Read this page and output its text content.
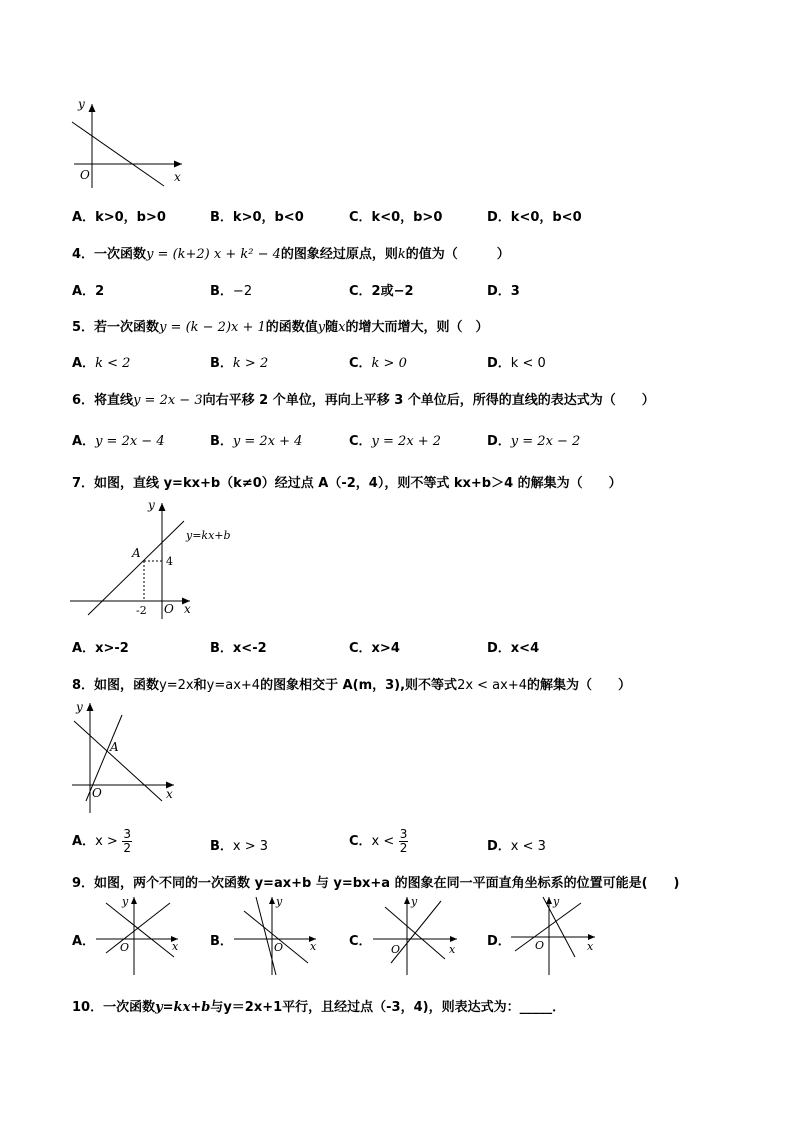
y
x
O
A．k>0，b>0	B．k>0，b<0	C．k<0，b>0	D．k<0，b<0
4．一次函数y = (k+2) x + k² − 4的图象经过原点，则k的值为（　　　）
A．2	B．−2	C．2或−2	D．3
5．若一次函数y = (k − 2)x + 1的函数值y随x的增大而增大，则（　）
A．k < 2	B．k > 2	C．k > 0	D．k < 0
6．将直线y = 2x − 3向右平移 2 个单位，再向上平移 3 个单位后，所得的直线的表达式为（　　）
A．y = 2x − 4	B．y = 2x + 4	C．y = 2x + 2	D．y = 2x − 2
7．如图，直线 y=kx+b（k≠0）经过点 A（-2，4），则不等式 kx+b＞4 的解集为（　　）
y=kx+b
y
x
O
A
4
-2
A．x>-2	B．x<-2	C．x>4	D．x<4
8．如图，函数y=2x和y=ax+4的图象相交于 A(m，3),则不等式2x < ax+4的解集为（　　）
y
x
O
A
A．$x > \frac{3}{2}$	B．x > 3	C．$x < \frac{3}{2}$	D．x < 3
9．如图，两个不同的一次函数 y=ax+b 与 y=bx+a 的图象在同一平面直角坐标系的位置可能是(　　)
A．
y
x
O	B．
y
x
O	C．
y
x
O
D．
y
x
O
10．一次函数y=kx+b与y＝2x+1平行，且经过点（-3，4)，则表达式为：_____．
